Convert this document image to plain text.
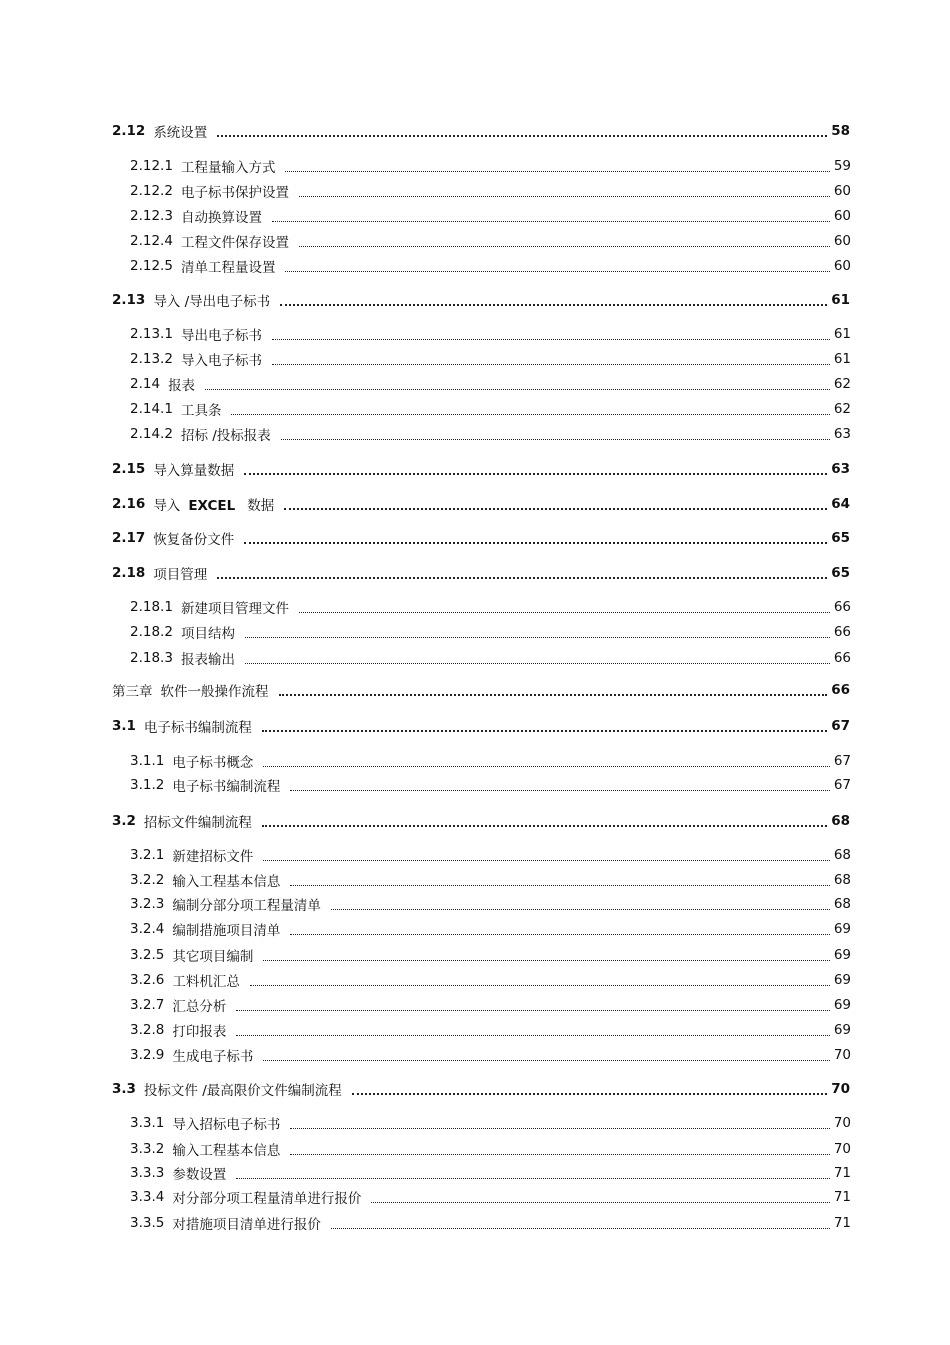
2.12 系统设置	58
2.12.1 工程量输入方式	59
2.12.2 电子标书保护设置	60
2.12.3 自动换算设置	60
2.12.4 工程文件保存设置	60
2.12.5 清单工程量设置	60
2.13 导入 /导出电子标书	61
2.13.1 导出电子标书	61
2.13.2 导入电子标书	61
2.14 报表	62
2.14.1 工具条	62
2.14.2 招标 /投标报表	63
2.15 导入算量数据	63
2.16 导入 EXCEL 数据	64
2.17 恢复备份文件	65
2.18 项目管理	65
2.18.1 新建项目管理文件	66
2.18.2 项目结构	66
2.18.3 报表输出	66
第三章 软件一般操作流程	66
3.1 电子标书编制流程	67
3.1.1 电子标书概念	67
3.1.2 电子标书编制流程	67
3.2 招标文件编制流程	68
3.2.1 新建招标文件	68
3.2.2 输入工程基本信息	68
3.2.3 编制分部分项工程量清单	68
3.2.4 编制措施项目清单	69
3.2.5 其它项目编制	69
3.2.6 工料机汇总	69
3.2.7 汇总分析	69
3.2.8 打印报表	69
3.2.9 生成电子标书	70
3.3 投标文件 /最高限价文件编制流程	70
3.3.1 导入招标电子标书	70
3.3.2 输入工程基本信息	70
3.3.3 参数设置	71
3.3.4 对分部分项工程量清单进行报价	71
3.3.5 对措施项目清单进行报价	71
